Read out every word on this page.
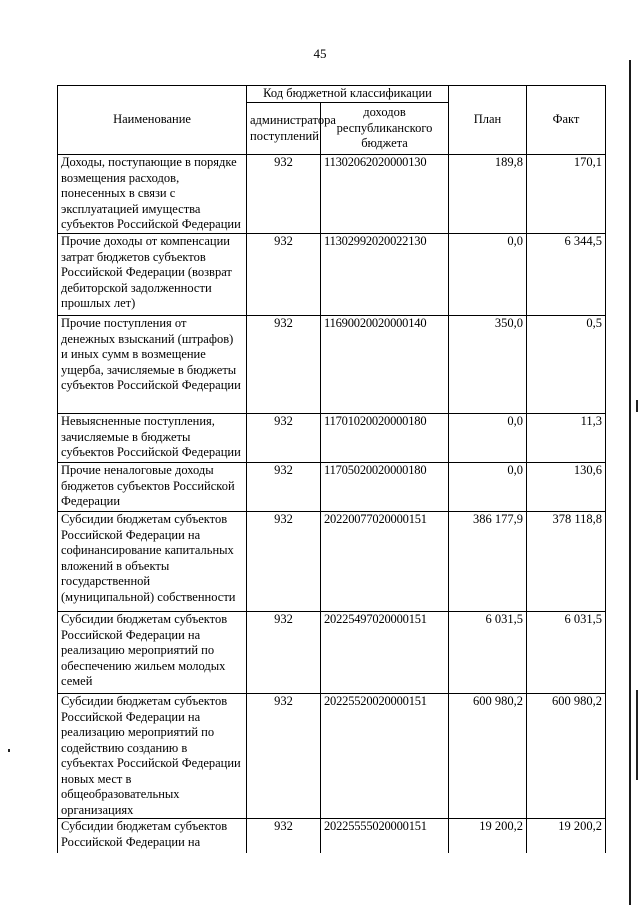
45
Наименование	Код бюджетной классификации		План	Факт
	администратора поступлений	доходов республиканского бюджета		
Доходы, поступающие в порядке возмещения расходов, понесенных в связи с эксплуатацией имущества субъектов Российской Федерации	932	11302062020000130	189,8	170,1
Прочие доходы от компенсации затрат бюджетов субъектов Российской Федерации (возврат дебиторской задолженности прошлых лет)	932	11302992020022130	0,0	6 344,5
Прочие поступления от денежных взысканий (штрафов) и иных сумм в возмещение ущерба, зачисляемые в бюджеты субъектов Российской Федерации	932	11690020020000140	350,0	0,5
Невыясненные поступления, зачисляемые в бюджеты субъектов Российской Федерации	932	11701020020000180	0,0	11,3
Прочие неналоговые доходы бюджетов субъектов Российской Федерации	932	11705020020000180	0,0	130,6
Субсидии бюджетам субъектов Российской Федерации на софинансирование капитальных вложений в объекты государственной (муниципальной) собственности	932	20220077020000151	386 177,9	378 118,8
Субсидии бюджетам субъектов Российской Федерации на реализацию мероприятий по обеспечению жильем молодых семей	932	20225497020000151	6 031,5	6 031,5
Субсидии бюджетам субъектов Российской Федерации на реализацию мероприятий по содействию созданию в субъектах Российской Федерации новых мест в общеобразовательных организациях	932	20225520020000151	600 980,2	600 980,2
Субсидии бюджетам субъектов Российской Федерации на	932	20225555020000151	19 200,2	19 200,2
